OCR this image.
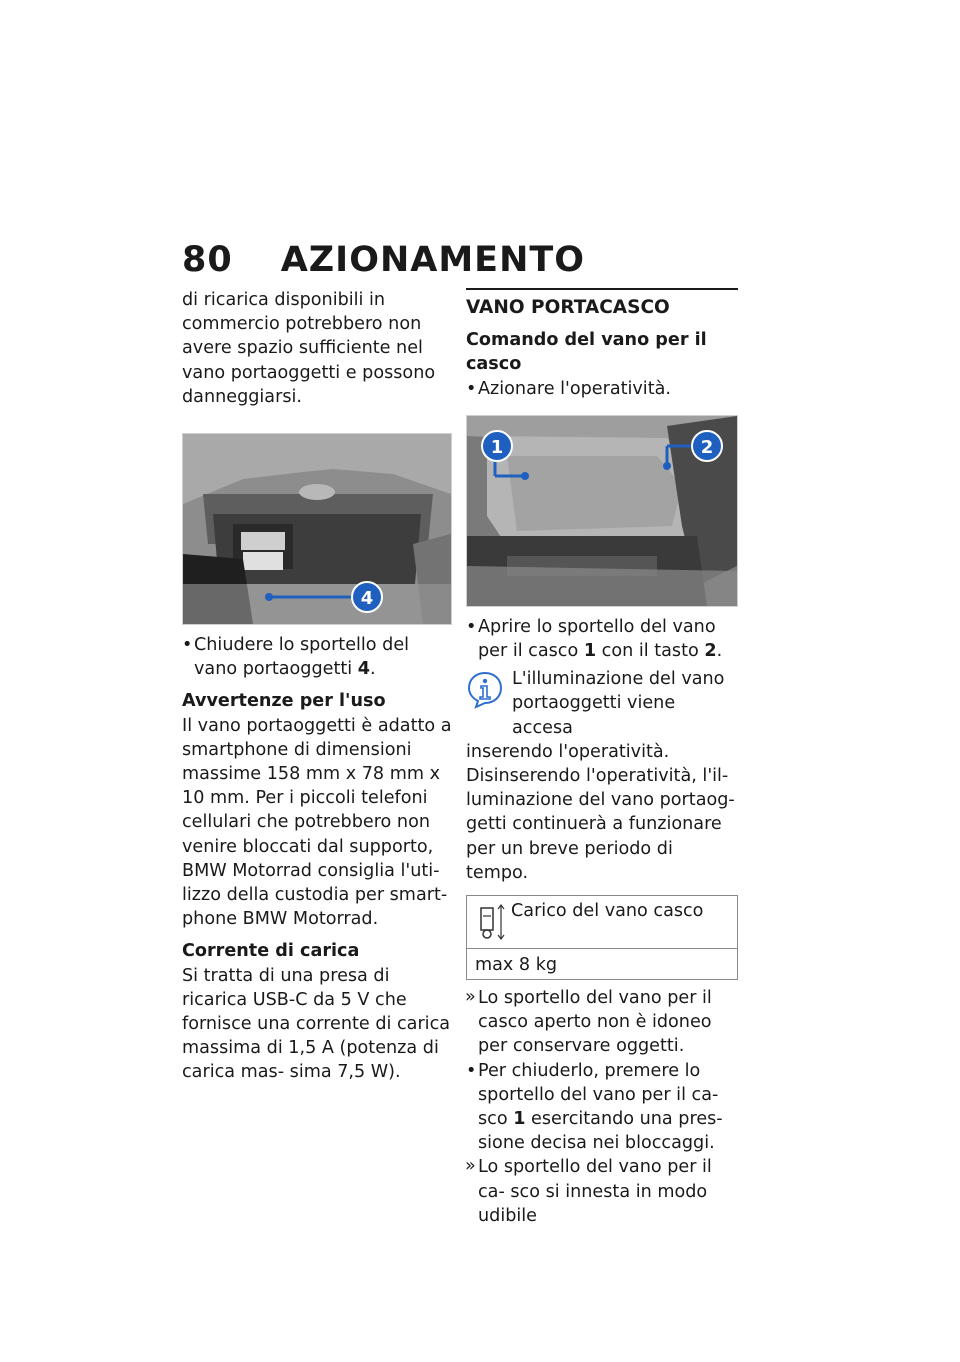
80 AZIONAMENTO

di ricarica disponibili in commercio potrebbero non avere spazio sufficiente nel vano portaoggetti e possono danneggiarsi.

4

• Chiudere lo sportello del vano portaoggetti 4.

Avvertenze per l'uso

Il vano portaoggetti è adatto a smartphone di dimensioni massime 158 mm x 78 mm x 10 mm. Per i piccoli telefoni cellulari che potrebbero non venire bloccati dal supporto, BMW Motorrad consiglia l'uti- lizzo della custodia per smart- phone BMW Motorrad.

Corrente di carica

Si tratta di una presa di ricarica USB-C da 5 V che fornisce una corrente di carica massima di 1,5 A (potenza di carica mas- sima 7,5 W).

VANO PORTACASCO

Comando del vano per il casco

• Azionare l'operatività.

1	2

• Aprire lo sportello del vano per il casco 1 con il tasto 2.

L'illuminazione del vano portaoggetti viene accesa

inserendo l'operatività. Disinserendo l'operatività, l'il- luminazione del vano portaog- getti continuerà a funzionare per un breve periodo di tempo.

Carico del vano casco
max 8 kg

» Lo sportello del vano per il casco aperto non è idoneo per conservare oggetti.

• Per chiuderlo, premere lo sportello del vano per il ca- sco 1 esercitando una pres- sione decisa nei bloccaggi.

» Lo sportello del vano per il ca- sco si innesta in modo udibile
